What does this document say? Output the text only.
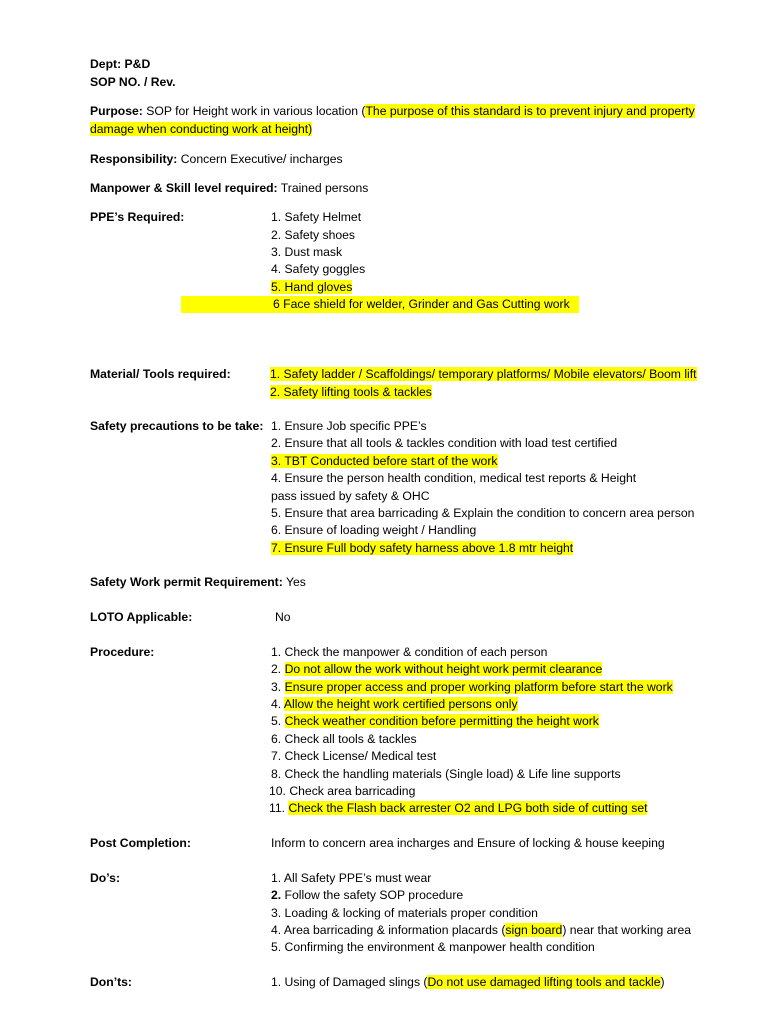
Dept: P&D
SOP NO. / Rev.
Purpose: SOP for Height work in various location (The purpose of this standard is to prevent injury and property
damage when conducting work at height)
Responsibility: Concern Executive/ incharges
Manpower & Skill level required: Trained persons
PPE’s Required:	1. Safety Helmet
2. Safety shoes
3. Dust mask
4. Safety goggles
5. Hand gloves
6 Face shield for welder, Grinder and Gas Cutting work
Material/ Tools required:	1. Safety ladder / Scaffoldings/ temporary platforms/ Mobile elevators/ Boom lift
2. Safety lifting tools & tackles
Safety precautions to be take: 1. Ensure Job specific PPE’s
2. Ensure that all tools & tackles condition with load test certified
3. TBT Conducted before start of the work
4. Ensure the person health condition, medical test reports & Height
pass issued by safety & OHC
5. Ensure that area barricading & Explain the condition to concern area person
6. Ensure of loading weight / Handling
7. Ensure Full body safety harness above 1.8 mtr height
Safety Work permit Requirement: Yes
LOTO Applicable:	No
Procedure:	1. Check the manpower & condition of each person
2. Do not allow the work without height work permit clearance
3. Ensure proper access and proper working platform before start the work
4. Allow the height work certified persons only
5. Check weather condition before permitting the height work
6. Check all tools & tackles
7. Check License/ Medical test
8. Check the handling materials (Single load) & Life line supports
10. Check area barricading
11. Check the Flash back arrester O2 and LPG both side of cutting set
Post Completion:	Inform to concern area incharges and Ensure of locking & house keeping
Do’s:	1. All Safety PPE’s must wear
2. Follow the safety SOP procedure
3. Loading & locking of materials proper condition
4. Area barricading & information placards (sign board) near that working area
5. Confirming the environment & manpower health condition
Don’ts:	1. Using of Damaged slings (Do not use damaged lifting tools and tackle)
